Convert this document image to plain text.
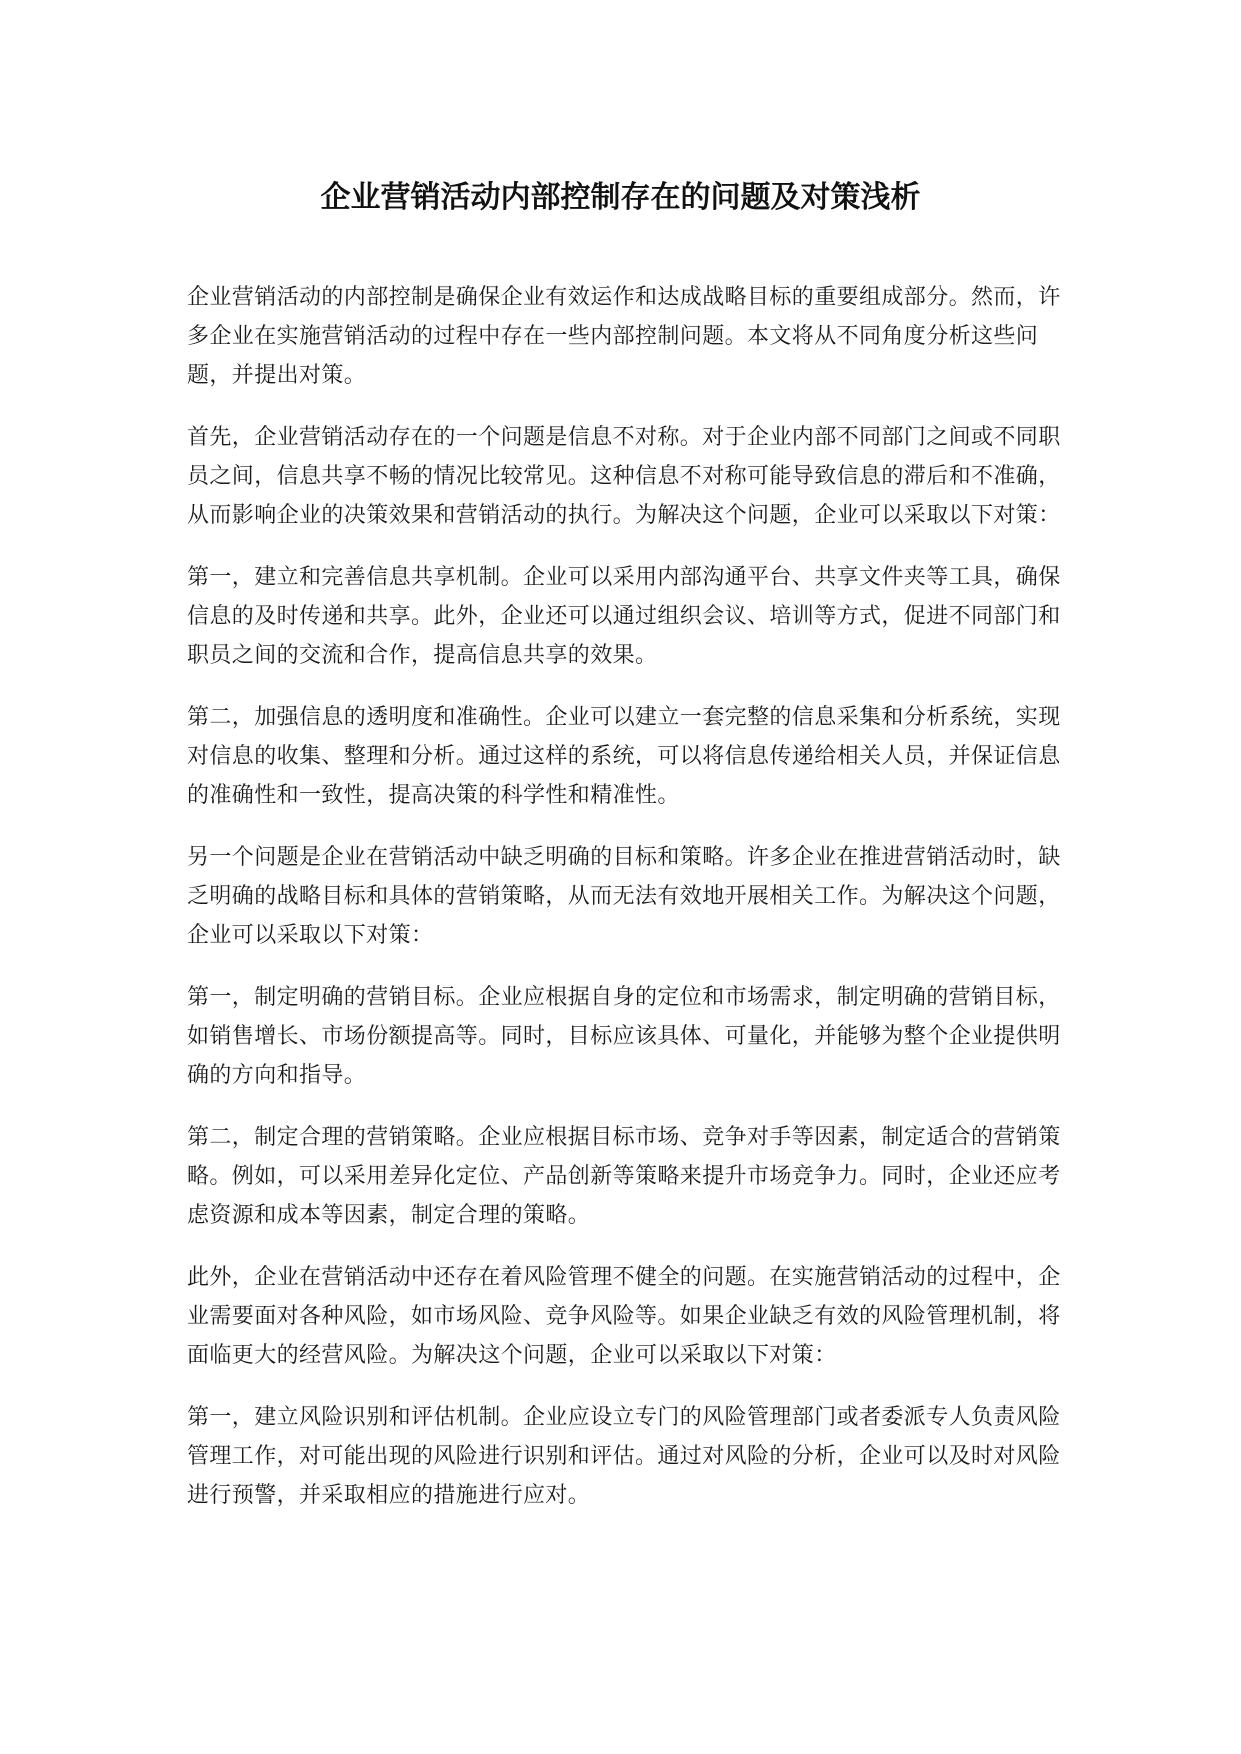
企业营销活动内部控制存在的问题及对策浅析

企业营销活动的内部控制是确保企业有效运作和达成战略目标的重要组成部分。然而，许多企业在实施营销活动的过程中存在一些内部控制问题。本文将从不同角度分析这些问题，并提出对策。

首先，企业营销活动存在的一个问题是信息不对称。对于企业内部不同部门之间或不同职员之间，信息共享不畅的情况比较常见。这种信息不对称可能导致信息的滞后和不准确，从而影响企业的决策效果和营销活动的执行。为解决这个问题，企业可以采取以下对策：

第一，建立和完善信息共享机制。企业可以采用内部沟通平台、共享文件夹等工具，确保信息的及时传递和共享。此外，企业还可以通过组织会议、培训等方式，促进不同部门和职员之间的交流和合作，提高信息共享的效果。

第二，加强信息的透明度和准确性。企业可以建立一套完整的信息采集和分析系统，实现对信息的收集、整理和分析。通过这样的系统，可以将信息传递给相关人员，并保证信息的准确性和一致性，提高决策的科学性和精准性。

另一个问题是企业在营销活动中缺乏明确的目标和策略。许多企业在推进营销活动时，缺乏明确的战略目标和具体的营销策略，从而无法有效地开展相关工作。为解决这个问题，企业可以采取以下对策：

第一，制定明确的营销目标。企业应根据自身的定位和市场需求，制定明确的营销目标，如销售增长、市场份额提高等。同时，目标应该具体、可量化，并能够为整个企业提供明确的方向和指导。

第二，制定合理的营销策略。企业应根据目标市场、竞争对手等因素，制定适合的营销策略。例如，可以采用差异化定位、产品创新等策略来提升市场竞争力。同时，企业还应考虑资源和成本等因素，制定合理的策略。

此外，企业在营销活动中还存在着风险管理不健全的问题。在实施营销活动的过程中，企业需要面对各种风险，如市场风险、竞争风险等。如果企业缺乏有效的风险管理机制，将面临更大的经营风险。为解决这个问题，企业可以采取以下对策：

第一，建立风险识别和评估机制。企业应设立专门的风险管理部门或者委派专人负责风险管理工作，对可能出现的风险进行识别和评估。通过对风险的分析，企业可以及时对风险进行预警，并采取相应的措施进行应对。
